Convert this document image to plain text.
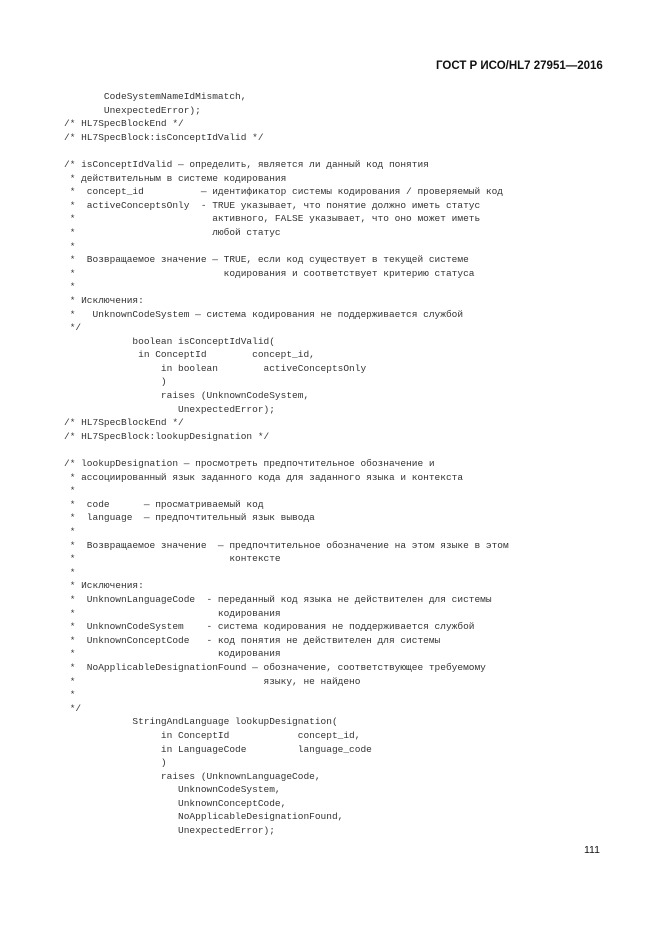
ГОСТ Р ИСО/HL7 27951—2016
CodeSystemNameIdMismatch,
UnexpectedError);
/* HL7SpecBlockEnd */
/* HL7SpecBlock:isConceptIdValid */
/* isConceptIdValid — определить, является ли данный код понятия
* действительным в системе кодирования
*  concept_id          — идентификатор системы кодирования / проверяемый код
*  activeConceptsOnly  - TRUE указывает, что понятие должно иметь статус
*                        активного, FALSE указывает, что оно может иметь
*                        любой статус
*
*  Возвращаемое значение — TRUE, если код существует в текущей системе
*                          кодирования и соответствует критерию статуса
*
* Исключения:
*   UnknownCodeSystem — система кодирования не поддерживается службой
*/
boolean isConceptIdValid(
in ConceptId        concept_id,
in boolean        activeConceptsOnly
)
raises (UnknownCodeSystem,
UnexpectedError);
/* HL7SpecBlockEnd */
/* HL7SpecBlock:lookupDesignation */
/* lookupDesignation — просмотреть предпочтительное обозначение и
* ассоциированный язык заданного кода для заданного языка и контекста
*
*  code      — просматриваемый код
*  language  — предпочтительный язык вывода
*
*  Возвращаемое значение  — предпочтительное обозначение на этом языке в этом
*                           контексте
*
* Исключения:
*  UnknownLanguageCode  - переданный код языка не действителен для системы
*                         кодирования
*  UnknownCodeSystem    - система кодирования не поддерживается службой
*  UnknownConceptCode   - код понятия не действителен для системы
*                         кодирования
*  NoApplicableDesignationFound — обозначение, соответствующее требуемому
*                                 языку, не найдено
*
*/
StringAndLanguage lookupDesignation(
in ConceptId            concept_id,
in LanguageCode         language_code
)
raises (UnknownLanguageCode,
UnknownCodeSystem,
UnknownConceptCode,
NoApplicableDesignationFound,
UnexpectedError);
111
